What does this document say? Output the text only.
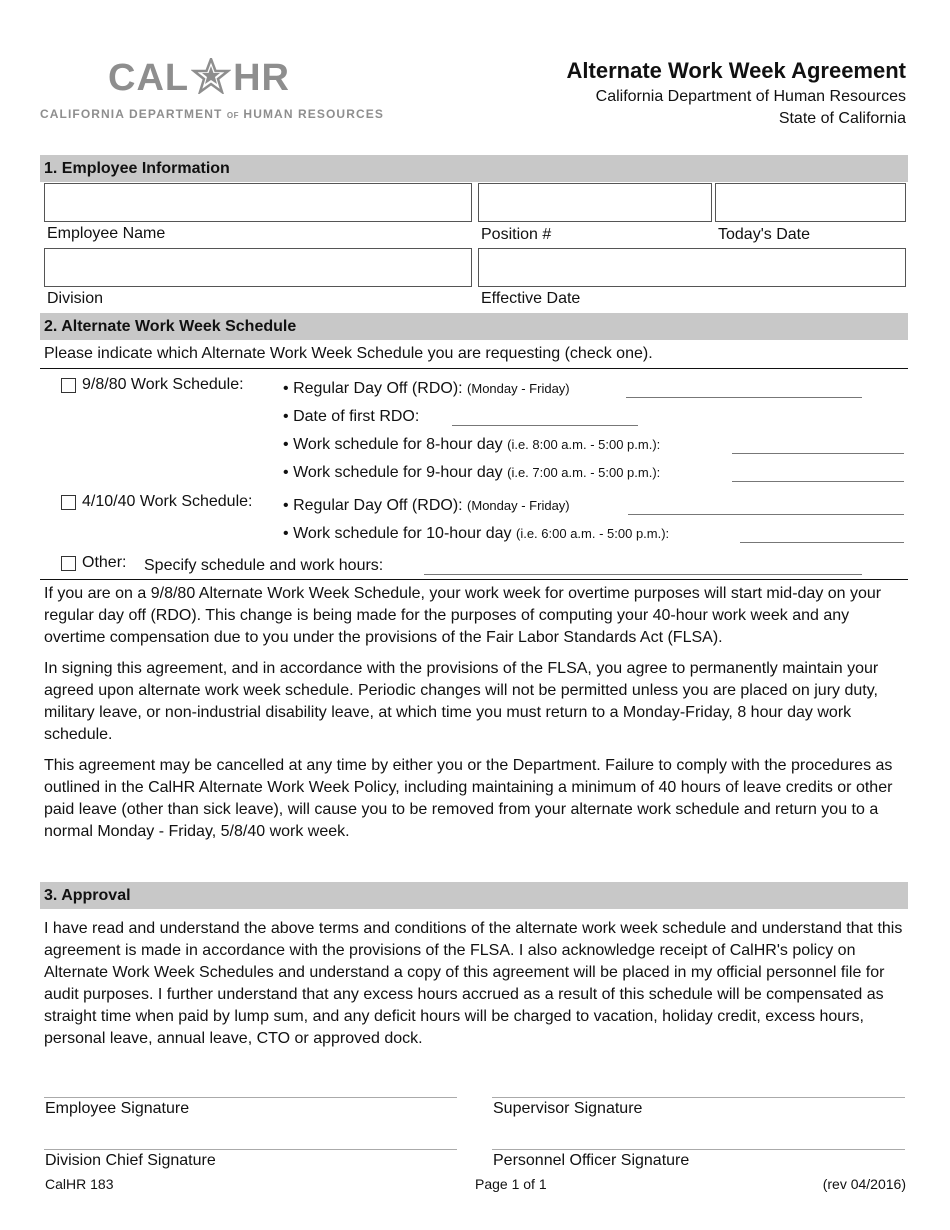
CAL HR
CALIFORNIA DEPARTMENT OF HUMAN RESOURCES
Alternate Work Week Agreement
California Department of Human Resources
State of California
1. Employee Information
Employee Name	Position #	Today's Date
Division	Effective Date
2. Alternate Work Week Schedule
Please indicate which Alternate Work Week Schedule you are requesting (check one).
9/8/80 Work Schedule: • Regular Day Off (RDO): (Monday - Friday)
• Date of first RDO:
• Work schedule for 8-hour day (i.e. 8:00 a.m. - 5:00 p.m.):
• Work schedule for 9-hour day (i.e. 7:00 a.m. - 5:00 p.m.):
4/10/40 Work Schedule: • Regular Day Off (RDO): (Monday - Friday)
• Work schedule for 10-hour day (i.e. 6:00 a.m. - 5:00 p.m.):
Other: Specify schedule and work hours:

If you are on a 9/8/80 Alternate Work Week Schedule, your work week for overtime purposes will start mid-day on your regular day off (RDO). This change is being made for the purposes of computing your 40-hour work week and any overtime compensation due to you under the provisions of the Fair Labor Standards Act (FLSA).

In signing this agreement, and in accordance with the provisions of the FLSA, you agree to permanently maintain your agreed upon alternate work week schedule. Periodic changes will not be permitted unless you are placed on jury duty, military leave, or non-industrial disability leave, at which time you must return to a Monday-Friday, 8 hour day work schedule.

This agreement may be cancelled at any time by either you or the Department. Failure to comply with the procedures as outlined in the CalHR Alternate Work Week Policy, including maintaining a minimum of 40 hours of leave credits or other paid leave (other than sick leave), will cause you to be removed from your alternate work schedule and return you to a normal Monday - Friday, 5/8/40 work week.

3. Approval

I have read and understand the above terms and conditions of the alternate work week schedule and understand that this agreement is made in accordance with the provisions of the FLSA. I also acknowledge receipt of CalHR's policy on Alternate Work Week Schedules and understand a copy of this agreement will be placed in my official personnel file for audit purposes. I further understand that any excess hours accrued as a result of this schedule will be compensated as straight time when paid by lump sum, and any deficit hours will be charged to vacation, holiday credit, excess hours, personal leave, annual leave, CTO or approved dock.

Employee Signature	Supervisor Signature
Division Chief Signature	Personnel Officer Signature
CalHR 183	Page 1 of 1	(rev 04/2016)
